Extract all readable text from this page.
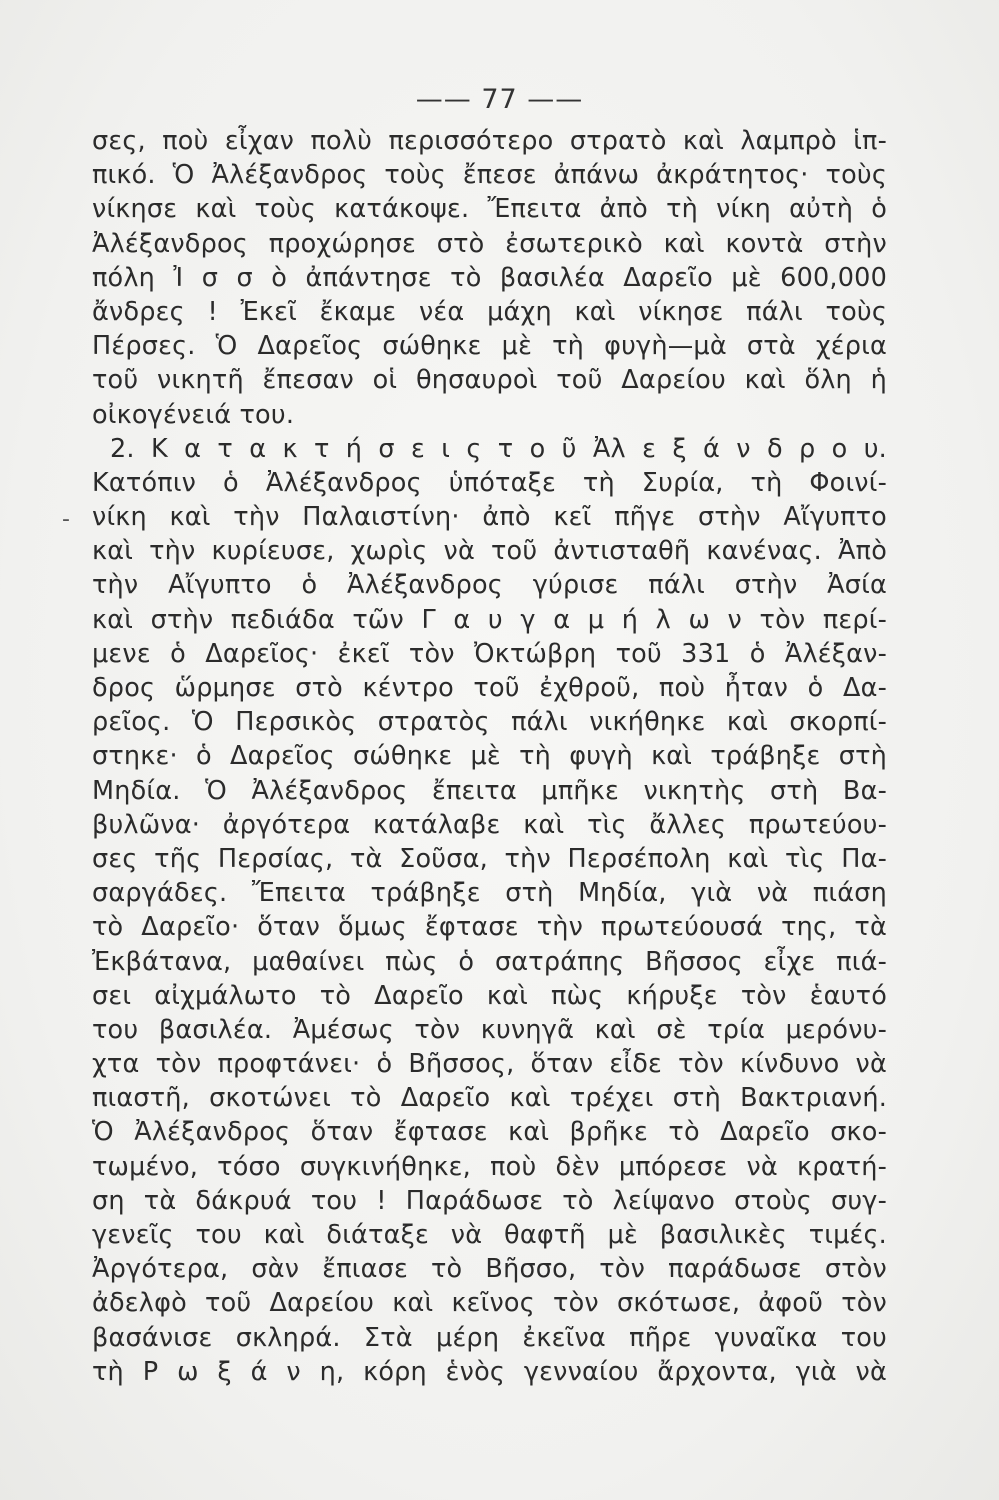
—— 77 ——
-
σες, ποὺ εἶχαν πολὺ περισσότερο στρατὸ καὶ λαμπρὸ ἱπ-
πικό. Ὁ Ἀλέξανδρος τοὺς ἔπεσε ἀπάνω ἀκράτητος· τοὺς
νίκησε καὶ τοὺς κατάκοψε. Ἔπειτα ἀπὸ τὴ νίκη αὐτὴ ὁ
Ἀλέξανδρος προχώρησε στὸ ἐσωτερικὸ καὶ κοντὰ στὴν
πόλη Ἰ σ σ ὸ ἀπάντησε τὸ βασιλέα Δαρεῖο μὲ 600,000
ἄνδρες ! Ἐκεῖ ἔκαμε νέα μάχη καὶ νίκησε πάλι τοὺς
Πέρσες. Ὁ Δαρεῖος σώθηκε μὲ τὴ φυγὴ—μὰ στὰ χέρια
τοῦ νικητῆ ἔπεσαν οἱ θησαυροὶ τοῦ Δαρείου καὶ ὅλη ἡ
οἰκογένειά του.
2. Κ α τ α κ τ ή σ ε ι ς τ ο ῦ Ἀλ ε ξ ά ν δ ρ ο υ.
Κατόπιν ὁ Ἀλέξανδρος ὑπόταξε τὴ Συρία, τὴ Φοινί-
νίκη καὶ τὴν Παλαιστίνη· ἀπὸ κεῖ πῆγε στὴν Αἴγυπτο
καὶ τὴν κυρίευσε, χωρὶς νὰ τοῦ ἀντισταθῆ κανένας. Ἀπὸ
τὴν Αἴγυπτο ὁ Ἀλέξανδρος γύρισε πάλι στὴν Ἀσία
καὶ στὴν πεδιάδα τῶν Γ α υ γ α μ ή λ ω ν τὸν περί-
μενε ὁ Δαρεῖος· ἐκεῖ τὸν Ὀκτώβρη τοῦ 331 ὁ Ἀλέξαν-
δρος ὥρμησε στὸ κέντρο τοῦ ἐχθροῦ, ποὺ ἦταν ὁ Δα-
ρεῖος. Ὁ Περσικὸς στρατὸς πάλι νικήθηκε καὶ σκορπί-
στηκε· ὁ Δαρεῖος σώθηκε μὲ τὴ φυγὴ καὶ τράβηξε στὴ
Μηδία. Ὁ Ἀλέξανδρος ἔπειτα μπῆκε νικητὴς στὴ Βα-
βυλῶνα· ἀργότερα κατάλαβε καὶ τὶς ἄλλες πρωτεύου-
σες τῆς Περσίας, τὰ Σοῦσα, τὴν Περσέπολη καὶ τὶς Πα-
σαργάδες. Ἔπειτα τράβηξε στὴ Μηδία, γιὰ νὰ πιάση
τὸ Δαρεῖο· ὅταν ὅμως ἔφτασε τὴν πρωτεύουσά της, τὰ
Ἐκβάτανα, μαθαίνει πὼς ὁ σατράπης Βῆσσος εἶχε πιά-
σει αἰχμάλωτο τὸ Δαρεῖο καὶ πὼς κήρυξε τὸν ἑαυτό
του βασιλέα. Ἀμέσως τὸν κυνηγᾶ καὶ σὲ τρία μερόνυ-
χτα τὸν προφτάνει· ὁ Βῆσσος, ὅταν εἶδε τὸν κίνδυνο νὰ
πιαστῆ, σκοτώνει τὸ Δαρεῖο καὶ τρέχει στὴ Βακτριανή.
Ὁ Ἀλέξανδρος ὅταν ἔφτασε καὶ βρῆκε τὸ Δαρεῖο σκο-
τωμένο, τόσο συγκινήθηκε, ποὺ δὲν μπόρεσε νὰ κρατή-
ση τὰ δάκρυά του ! Παράδωσε τὸ λείψανο στοὺς συγ-
γενεῖς του καὶ διάταξε νὰ θαφτῆ μὲ βασιλικὲς τιμές.
Ἀργότερα, σὰν ἔπιασε τὸ Βῆσσο, τὸν παράδωσε στὸν
ἀδελφὸ τοῦ Δαρείου καὶ κεῖνος τὸν σκότωσε, ἀφοῦ τὸν
βασάνισε σκληρά. Στὰ μέρη ἐκεῖνα πῆρε γυναῖκα του
τὴ Ρ ω ξ ά ν η, κόρη ἑνὸς γενναίου ἄρχοντα, γιὰ νὰ
